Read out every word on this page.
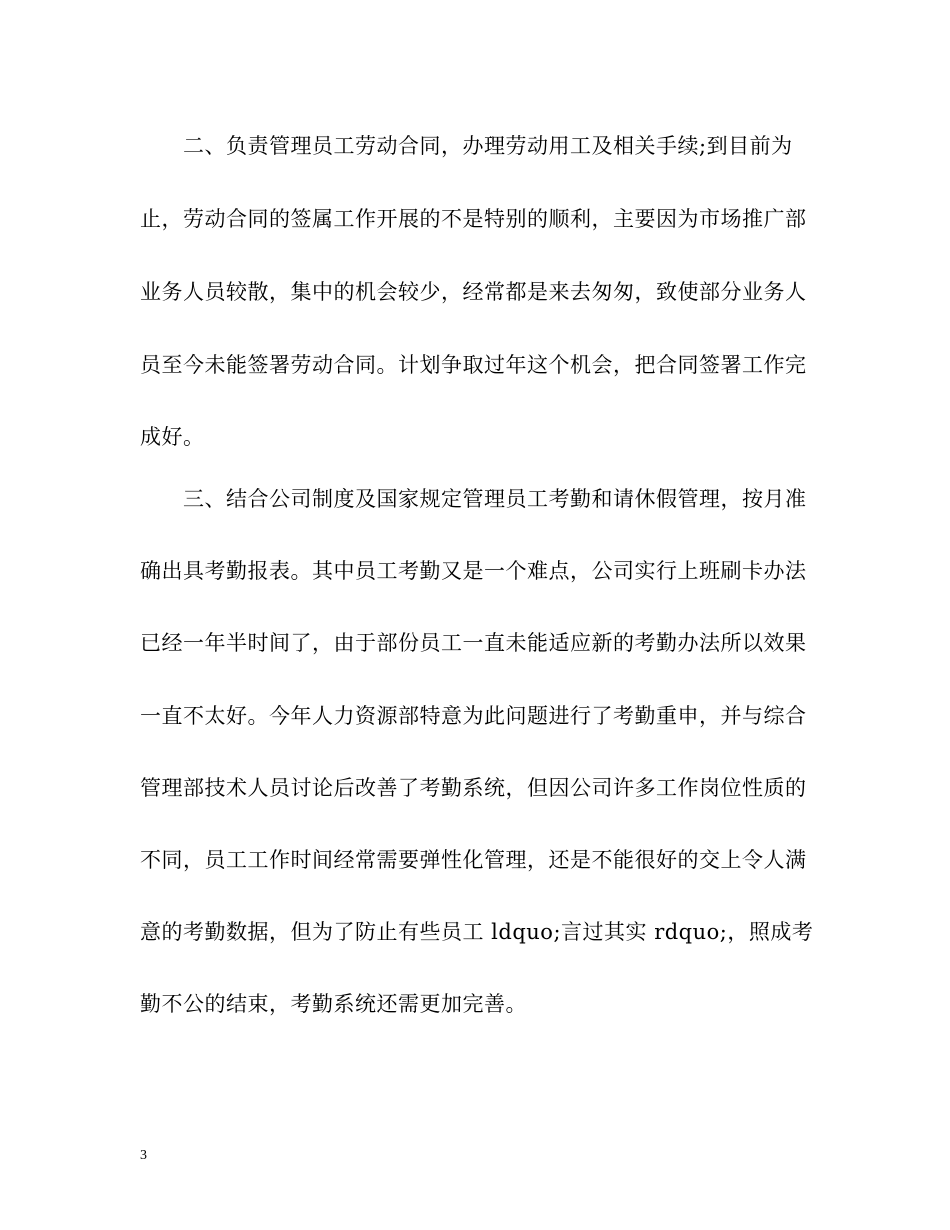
二、负责管理员工劳动合同，办理劳动用工及相关手续;到目前为
止，劳动合同的签属工作开展的不是特别的顺利，主要因为市场推广部
业务人员较散，集中的机会较少，经常都是来去匆匆，致使部分业务人
员至今未能签署劳动合同。计划争取过年这个机会，把合同签署工作完
成好。
三、结合公司制度及国家规定管理员工考勤和请休假管理，按月准
确出具考勤报表。其中员工考勤又是一个难点，公司实行上班刷卡办法
已经一年半时间了，由于部份员工一直未能适应新的考勤办法所以效果
一直不太好。今年人力资源部特意为此问题进行了考勤重申，并与综合
管理部技术人员讨论后改善了考勤系统，但因公司许多工作岗位性质的
不同，员工工作时间经常需要弹性化管理，还是不能很好的交上令人满
意的考勤数据，但为了防止有些员工 ldquo;言过其实 rdquo;，照成考
勤不公的结束，考勤系统还需更加完善。
3
